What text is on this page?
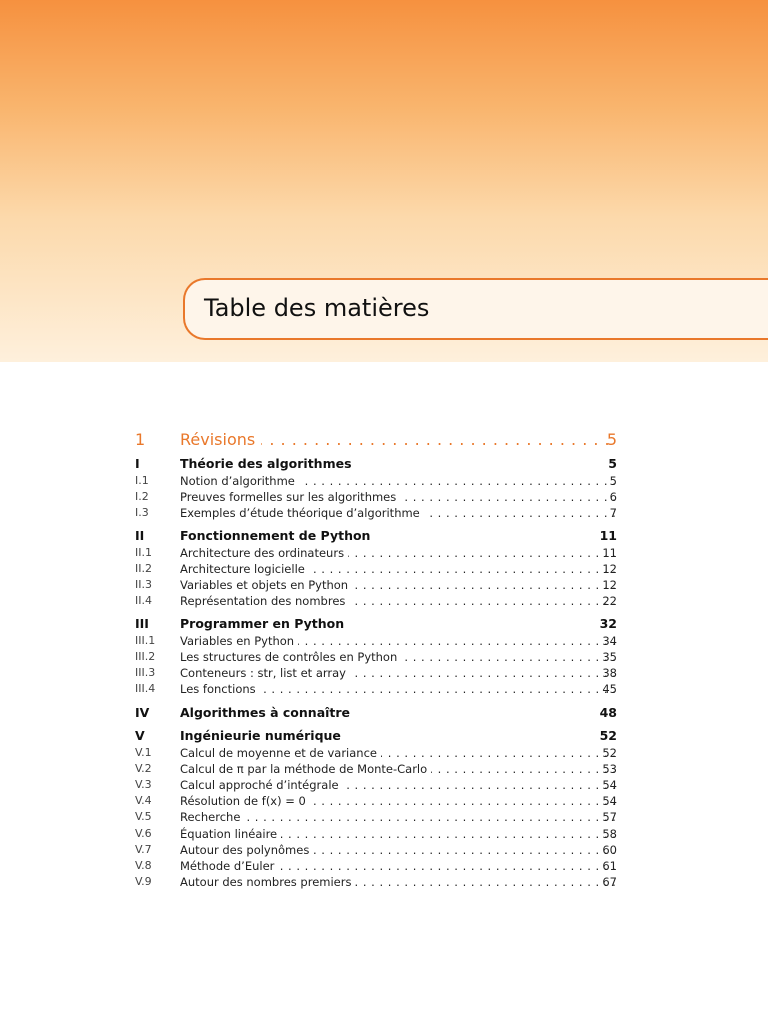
Table des matières
1 Révisions . . .	5
I	Théorie des algorithmes	5
I.1	Notion d’algorithme . . .	5
I.2	Preuves formelles sur les algorithmes . . .	6
I.3	Exemples d’étude théorique d’algorithme . . .	7
II	Fonctionnement de Python	11
II.1 Architecture des ordinateurs . . .	11
II.2 Architecture logicielle . . .	12
II.3 Variables et objets en Python . . .	12
II.4 Représentation des nombres . . .	22
III Programmer en Python	32
III.1 Variables en Python . . .	34
III.2 Les structures de contrôles en Python . . .	35
III.3 Conteneurs : str, list et array . . .	38
III.4 Les fonctions . . .	45
IV Algorithmes à connaître	48
V	Ingénieurie numérique	52
V.1 Calcul de moyenne et de variance . . .	52
V.2 Calcul de π par la méthode de Monte-Carlo . . .	53
V.3 Calcul approché d’intégrale . . .	54
V.4 Résolution de f(x) = 0 . . .	54
V.5 Recherche . . .	57
V.6 Équation linéaire . . .	58
V.7 Autour des polynômes . . .	60
V.8 Méthode d’Euler . . .	61
V.9 Autour des nombres premiers . . .	67
